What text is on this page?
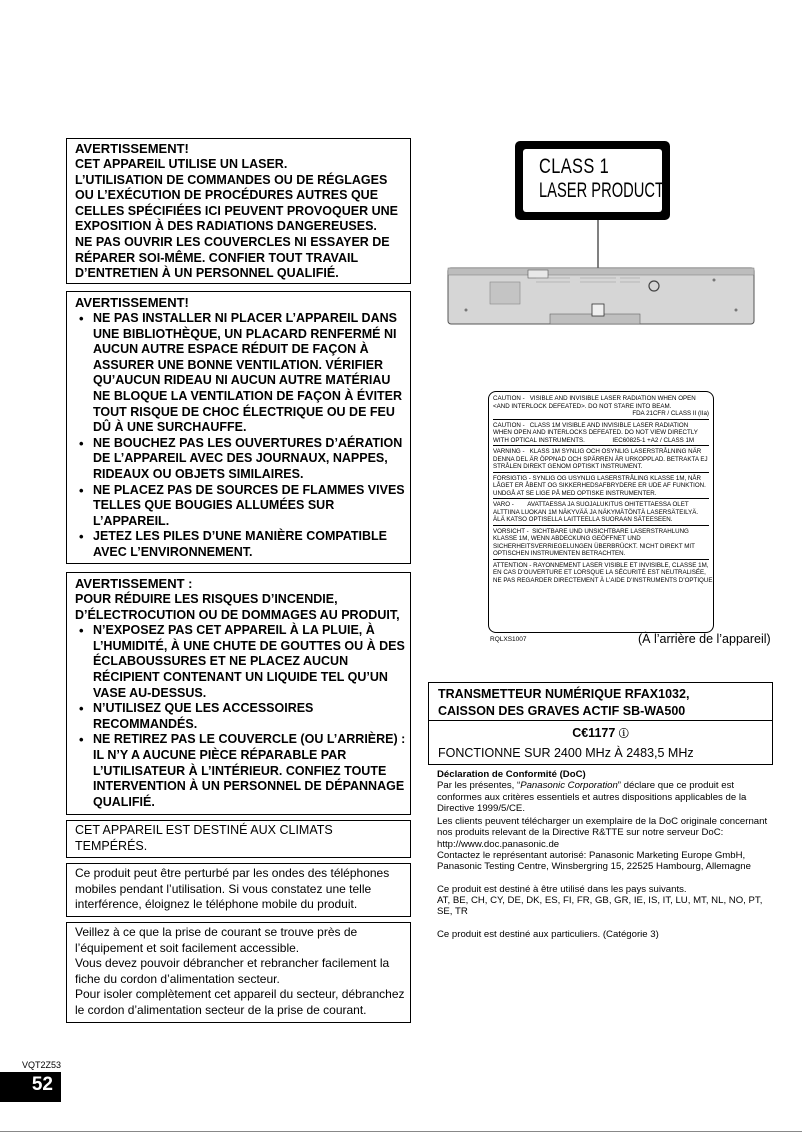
AVERTISSEMENT!
CET APPAREIL UTILISE UN LASER.
L’UTILISATION DE COMMANDES OU DE RÉGLAGES
OU L’EXÉCUTION DE PROCÉDURES AUTRES QUE
CELLES SPÉCIFIÉES ICI PEUVENT PROVOQUER UNE
EXPOSITION À DES RADIATIONS DANGEREUSES.
NE PAS OUVRIR LES COUVERCLES NI ESSAYER DE
RÉPARER SOI-MÊME. CONFIER TOUT TRAVAIL
D’ENTRETIEN À UN PERSONNEL QUALIFIÉ.
AVERTISSEMENT!
• NE PAS INSTALLER NI PLACER L’APPAREIL DANS
UNE BIBLIOTHÈQUE, UN PLACARD RENFERMÉ NI
AUCUN AUTRE ESPACE RÉDUIT DE FAÇON À
ASSURER UNE BONNE VENTILATION. VÉRIFIER
QU’AUCUN RIDEAU NI AUCUN AUTRE MATÉRIAU
NE BLOQUE LA VENTILATION DE FAÇON À ÉVITER
TOUT RISQUE DE CHOC ÉLECTRIQUE OU DE FEU
DÛ À UNE SURCHAUFFE.
• NE BOUCHEZ PAS LES OUVERTURES D’AÉRATION
DE L’APPAREIL AVEC DES JOURNAUX, NAPPES,
RIDEAUX OU OBJETS SIMILAIRES.
• NE PLACEZ PAS DE SOURCES DE FLAMMES VIVES
TELLES QUE BOUGIES ALLUMÉES SUR
L’APPAREIL.
• JETEZ LES PILES D’UNE MANIÈRE COMPATIBLE
AVEC L’ENVIRONNEMENT.
AVERTISSEMENT :
POUR RÉDUIRE LES RISQUES D’INCENDIE,
D’ÉLECTROCUTION OU DE DOMMAGES AU PRODUIT,
• N’EXPOSEZ PAS CET APPAREIL À LA PLUIE, À
L’HUMIDITÉ, À UNE CHUTE DE GOUTTES OU À DES
ÉCLABOUSSURES ET NE PLACEZ AUCUN
RÉCIPIENT CONTENANT UN LIQUIDE TEL QU’UN
VASE AU-DESSUS.
• N’UTILISEZ QUE LES ACCESSOIRES
RECOMMANDÉS.
• NE RETIREZ PAS LE COUVERCLE (OU L’ARRIÈRE) :
IL N’Y A AUCUNE PIÈCE RÉPARABLE PAR
L’UTILISATEUR À L’INTÉRIEUR. CONFIEZ TOUTE
INTERVENTION À UN PERSONNEL DE DÉPANNAGE
QUALIFIÉ.
CET APPAREIL EST DESTINÉ AUX CLIMATS
TEMPÉRÉS.
Ce produit peut être perturbé par les ondes des téléphones
mobiles pendant l’utilisation. Si vous constatez une telle
interférence, éloignez le téléphone mobile du produit.
Veillez à ce que la prise de courant se trouve près de
l’équipement et soit facilement accessible.
Vous devez pouvoir débrancher et rebrancher facilement la
fiche du cordon d’alimentation secteur.
Pour isoler complètement cet appareil du secteur, débranchez
le cordon d’alimentation secteur de la prise de courant.
CLASS 1
LASER PRODUCT
CAUTION -   VISIBLE AND INVISIBLE LASER RADIATION WHEN OPEN
<AND INTERLOCK DEFEATED>. DO NOT STARE INTO BEAM.
FDA 21CFR / CLASS II (IIa)
CAUTION -   CLASS 1M VISIBLE AND INVISIBLE LASER RADIATION
WHEN OPEN AND INTERLOCKS DEFEATED. DO NOT VIEW DIRECTLY
WITH OPTICAL INSTRUMENTS.                IEC60825-1 +A2 / CLASS 1M
VARNING -   KLASS 1M SYNLIG OCH OSYNLIG LASERSTRÅLNING NÄR
DENNA DEL ÄR ÖPPNAD OCH SPÄRREN ÄR URKOPPLAD. BETRAKTA EJ
STRÅLEN DIREKT GENOM OPTISKT INSTRUMENT.
FORSIGTIG - SYNLIG OG USYNLIG LASERSTRÅLING KLASSE 1M, NÅR
LÅGET ER ÅBENT OG SIKKERHEDSAFBRYDERE ER UDE AF FUNKTION.
UNDGÅ AT SE LIGE PÅ MED OPTISKE INSTRUMENTER.
VARO -        AVATTAESSA JA SUOJALUKITUS OHITETTAESSA OLET
ALTTIINA LUOKAN 1M NÄKYVÄÄ JA NÄKYMÄTÖNTÄ LASERSÄTEILYÄ.
ÄLÄ KATSO OPTISELLA LAITTEELLA SUORAAN SÄTEESEEN.
VORSICHT -  SICHTBARE UND UNSICHTBARE LASERSTRAHLUNG
KLASSE 1M, WENN ABDECKUNG GEÖFFNET UND
SICHERHEITSVERRIEGELUNGEN ÜBERBRÜCKT. NICHT DIREKT MIT
OPTISCHEN INSTRUMENTEN BETRACHTEN.
ATTENTION - RAYONNEMENT LASER VISIBLE ET INVISIBLE, CLASSE 1M,
EN CAS D’OUVERTURE ET LORSQUE LA SÉCURITÉ EST NEUTRALISÉE,
NE PAS REGARDER DIRECTEMENT À L’AIDE D’INSTRUMENTS D’OPTIQUE.
RQLXS1007	(À l’arrière de l’appareil)
TRANSMETTEUR NUMÉRIQUE RFAX1032,
CAISSON DES GRAVES ACTIF SB-WA500
C€1177 ⓘ
FONCTIONNE SUR 2400 MHz À 2483,5 MHz

Déclaration de Conformité (DoC)

Par les présentes, “Panasonic Corporation” déclare que ce produit est conformes aux critères essentiels et autres dispositions applicables de la Directive 1999/5/CE.

Les clients peuvent télécharger un exemplaire de la DoC originale concernant nos produits relevant de la Directive R&TTE sur notre serveur DoC:

http://www.doc.panasonic.de

Contactez le représentant autorisé: Panasonic Marketing Europe GmbH, Panasonic Testing Centre, Winsbergring 15, 22525 Hambourg, Allemagne

Ce produit est destiné à être utilisé dans les pays suivants.

AT, BE, CH, CY, DE, DK, ES, FI, FR, GB, GR, IE, IS, IT, LU, MT, NL, NO, PT, SE, TR

Ce produit est destiné aux particuliers. (Catégorie 3)

VQT2Z53
52
